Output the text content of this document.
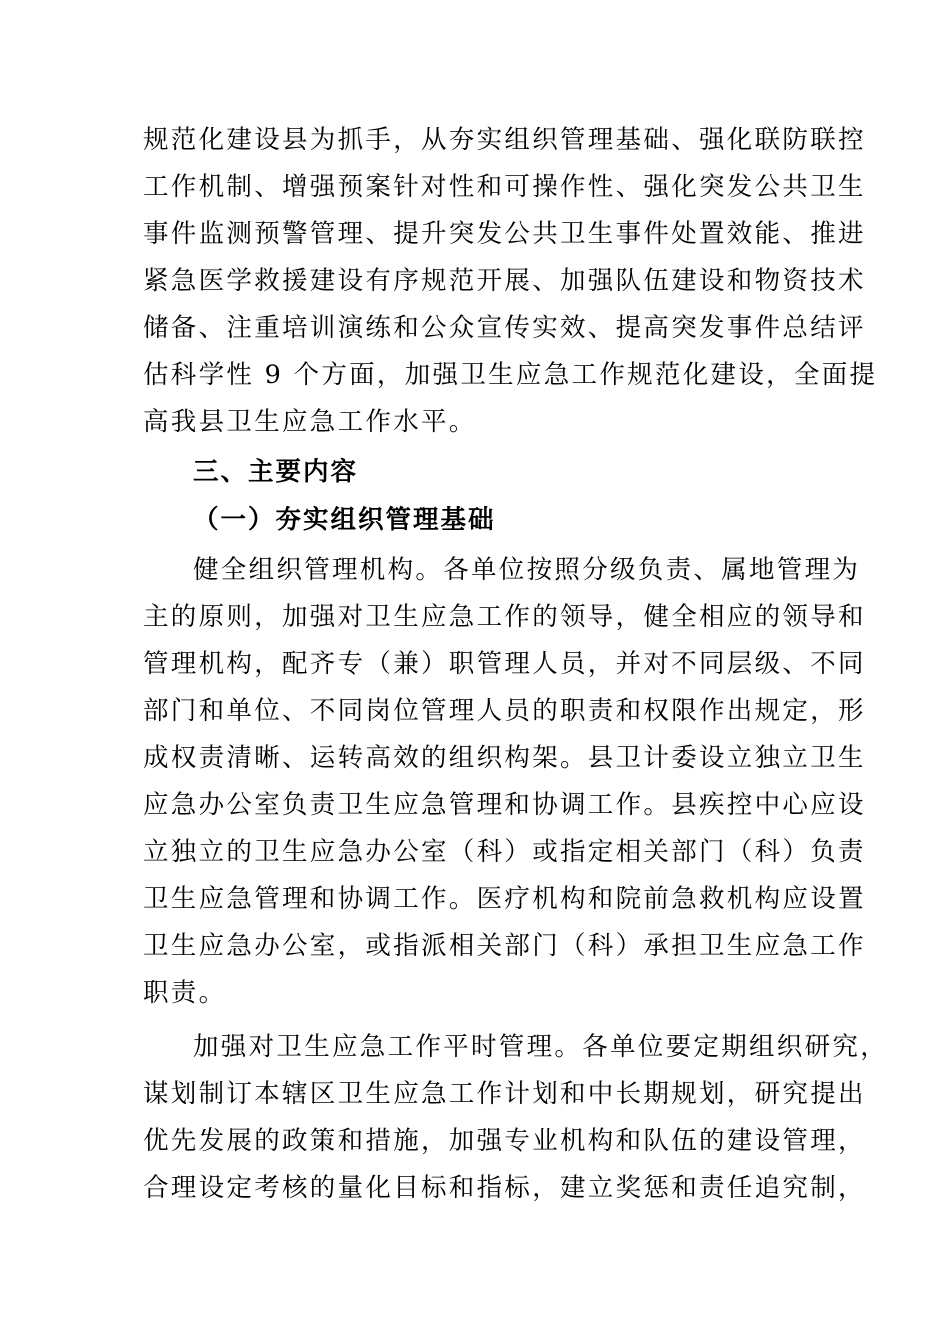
规范化建设县为抓手，从夯实组织管理基础、强化联防联控
工作机制、增强预案针对性和可操作性、强化突发公共卫生
事件监测预警管理、提升突发公共卫生事件处置效能、推进
紧急医学救援建设有序规范开展、加强队伍建设和物资技术
储备、注重培训演练和公众宣传实效、提高突发事件总结评
估科学性 9 个方面，加强卫生应急工作规范化建设，全面提
高我县卫生应急工作水平。
三、主要内容
（一）夯实组织管理基础
健全组织管理机构。各单位按照分级负责、属地管理为
主的原则，加强对卫生应急工作的领导，健全相应的领导和
管理机构，配齐专（兼）职管理人员，并对不同层级、不同
部门和单位、不同岗位管理人员的职责和权限作出规定，形
成权责清晰、运转高效的组织构架。县卫计委设立独立卫生
应急办公室负责卫生应急管理和协调工作。县疾控中心应设
立独立的卫生应急办公室（科）或指定相关部门（科）负责
卫生应急管理和协调工作。医疗机构和院前急救机构应设置
卫生应急办公室，或指派相关部门（科）承担卫生应急工作
职责。
加强对卫生应急工作平时管理。各单位要定期组织研究，
谋划制订本辖区卫生应急工作计划和中长期规划，研究提出
优先发展的政策和措施，加强专业机构和队伍的建设管理，
合理设定考核的量化目标和指标，建立奖惩和责任追究制，
